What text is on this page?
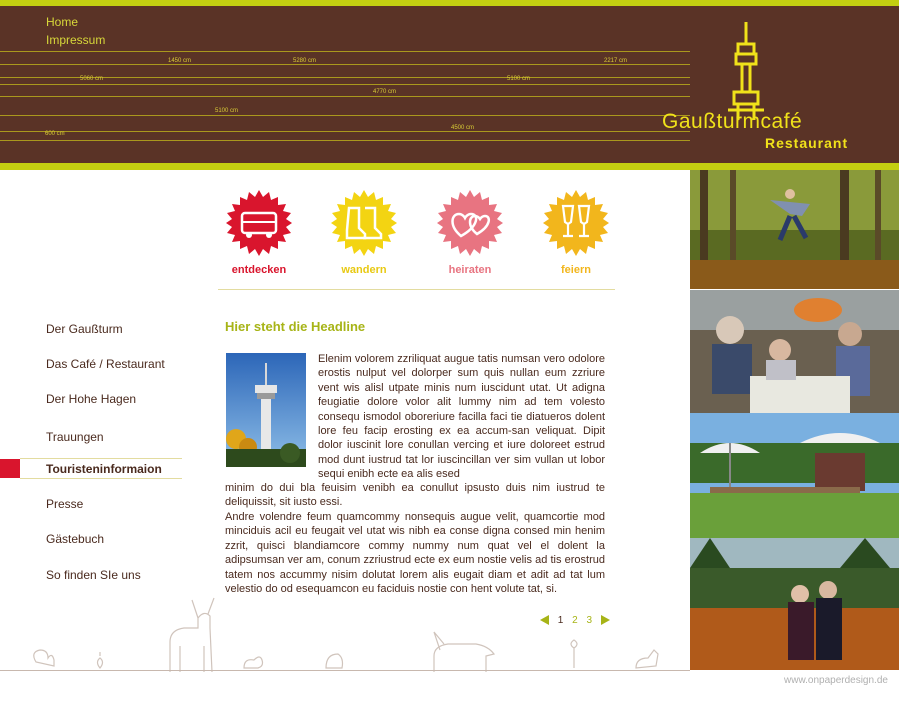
1450 cm	5280 cm	2217 cm
5060 cm	5100 cm
4770 cm
5100 cm
4500 cm
600 cm
Home
Impressum
Gaußturmcafé
Restaurant
entdecken	wandern	heiraten	feiern
Der Gaußturm
Das Café / Restaurant
Der Hohe Hagen
Trauungen
Touristeninformaion
Presse
Gästebuch
So finden SIe uns
Hier steht die Headline

Elenim volorem zzriliquat augue tatis numsan vero odolore erostis nulput vel dolorper sum quis nullan eum zzriure vent wis alisl utpate minis num iuscidunt utat. Ut adigna feugiatie dolore volor alit lummy nim ad tem volesto consequ ismodol oboreriure facilla faci tie diatueros dolent lore feu facip erosting ex ea accum-san veliquat. Dipit dolor iuscinit lore conullan vercing et iure doloreet estrud mod dunt iustrud tat lor iuscincillan ver sim vullan ut lobor sequi enibh ecte ea alis esed

minim do dui bla feuisim venibh ea conullut ipsusto duis nim iustrud te deliquissit, sit iusto essi.

Andre volendre feum quamcommy nonsequis augue velit, quamcortie mod minciduis acil eu feugait vel utat wis nibh ea conse digna consed min henim zzrit, quisci blandiamcore commy nummy num quat vel el dolent la adipsumsan ver am, conum zzriustrud ecte ex eum nostie velis ad tis erostrud tatem nos accummy nisim dolutat lorem alis eugait diam et adit ad tat lum velestio do od esequamcon eu faciduis nostie con hent volute tat, si.

1 2 3
www.onpaperdesign.de
